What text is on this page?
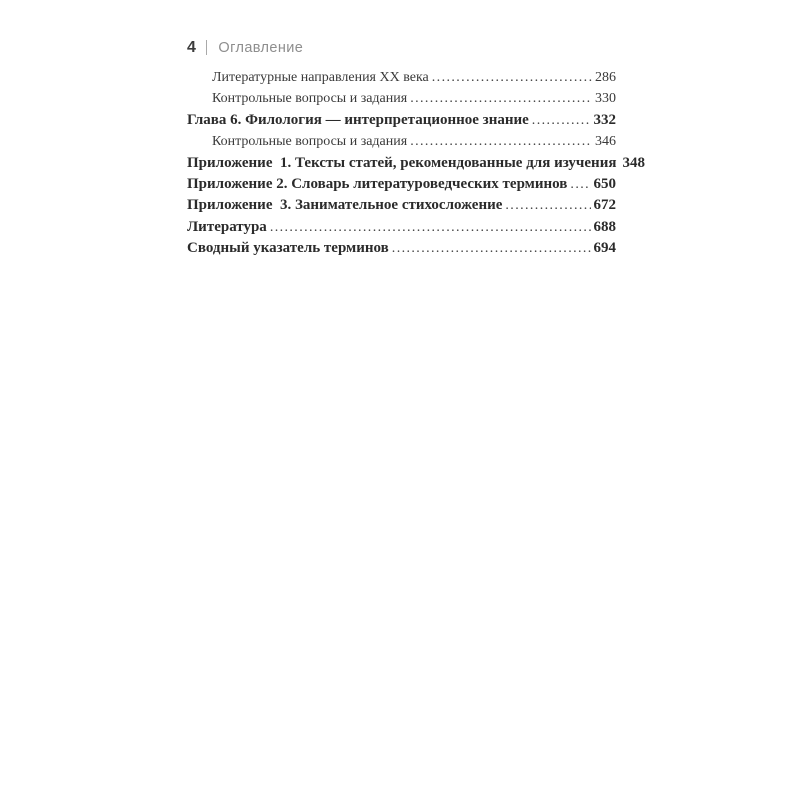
4 Оглавление
Литературные направления XX века .....	286
Контрольные вопросы и задания .....	330
Глава 6. Филология — интерпретационное знание .....	332
Контрольные вопросы и задания .....	346
Приложение  1. Тексты статей, рекомендованные для изучения 348
Приложение 2. Словарь литературоведческих терминов ..... 650
Приложение  3. Занимательное стихосложение .....	672
Литература .....	688
Сводный указатель терминов .....	694
